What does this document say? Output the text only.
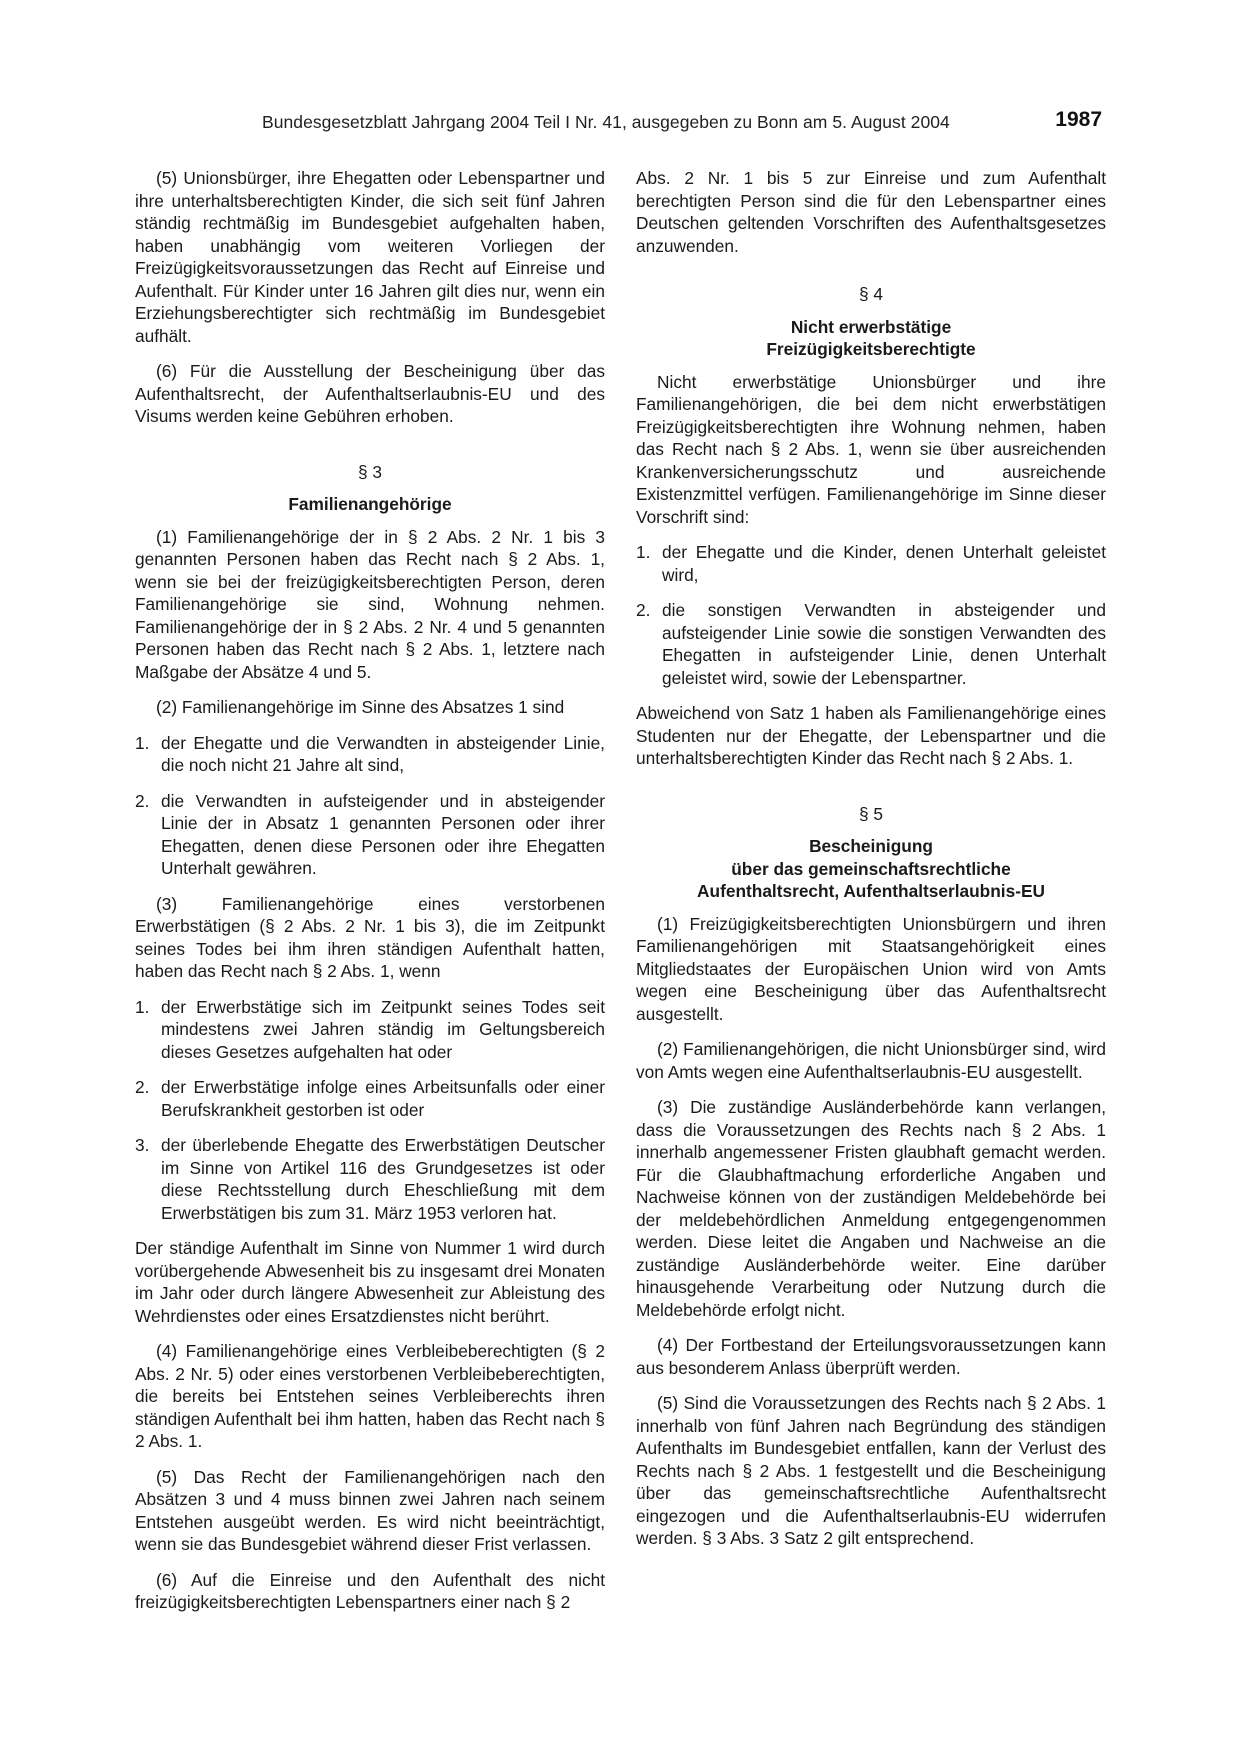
Bundesgesetzblatt Jahrgang 2004 Teil I Nr. 41, ausgegeben zu Bonn am 5. August 2004	1987

(5) Unionsbürger, ihre Ehegatten oder Lebenspartner und ihre unterhaltsberechtigten Kinder, die sich seit fünf Jahren ständig rechtmäßig im Bundesgebiet aufgehalten haben, haben unabhängig vom weiteren Vorliegen der Freizügigkeitsvoraussetzungen das Recht auf Einreise und Aufenthalt. Für Kinder unter 16 Jahren gilt dies nur, wenn ein Erziehungsberechtigter sich rechtmäßig im Bundesgebiet aufhält.

(6) Für die Ausstellung der Bescheinigung über das Aufenthaltsrecht, der Aufenthaltserlaubnis-EU und des Visums werden keine Gebühren erhoben.

§ 3
Familienangehörige

(1) Familienangehörige der in § 2 Abs. 2 Nr. 1 bis 3 genannten Personen haben das Recht nach § 2 Abs. 1, wenn sie bei der freizügigkeitsberechtigten Person, deren Familienangehörige sie sind, Wohnung nehmen. Familienangehörige der in § 2 Abs. 2 Nr. 4 und 5 genannten Personen haben das Recht nach § 2 Abs. 1, letztere nach Maßgabe der Absätze 4 und 5.

(2) Familienangehörige im Sinne des Absatzes 1 sind

1. der Ehegatte und die Verwandten in absteigender Linie, die noch nicht 21 Jahre alt sind,
2. die Verwandten in aufsteigender und in absteigender Linie der in Absatz 1 genannten Personen oder ihrer Ehegatten, denen diese Personen oder ihre Ehegatten Unterhalt gewähren.

(3) Familienangehörige eines verstorbenen Erwerbstätigen (§ 2 Abs. 2 Nr. 1 bis 3), die im Zeitpunkt seines Todes bei ihm ihren ständigen Aufenthalt hatten, haben das Recht nach § 2 Abs. 1, wenn

1. der Erwerbstätige sich im Zeitpunkt seines Todes seit mindestens zwei Jahren ständig im Geltungsbereich dieses Gesetzes aufgehalten hat oder
2. der Erwerbstätige infolge eines Arbeitsunfalls oder einer Berufskrankheit gestorben ist oder
3. der überlebende Ehegatte des Erwerbstätigen Deutscher im Sinne von Artikel 116 des Grundgesetzes ist oder diese Rechtsstellung durch Eheschließung mit dem Erwerbstätigen bis zum 31. März 1953 verloren hat.

Der ständige Aufenthalt im Sinne von Nummer 1 wird durch vorübergehende Abwesenheit bis zu insgesamt drei Monaten im Jahr oder durch längere Abwesenheit zur Ableistung des Wehrdienstes oder eines Ersatzdienstes nicht berührt.

(4) Familienangehörige eines Verbleibeberechtigten (§ 2 Abs. 2 Nr. 5) oder eines verstorbenen Verbleibeberechtigten, die bereits bei Entstehen seines Verbleiberechts ihren ständigen Aufenthalt bei ihm hatten, haben das Recht nach § 2 Abs. 1.

(5) Das Recht der Familienangehörigen nach den Absätzen 3 und 4 muss binnen zwei Jahren nach seinem Entstehen ausgeübt werden. Es wird nicht beeinträchtigt, wenn sie das Bundesgebiet während dieser Frist verlassen.

(6) Auf die Einreise und den Aufenthalt des nicht freizügigkeitsberechtigten Lebenspartners einer nach § 2

Abs. 2 Nr. 1 bis 5 zur Einreise und zum Aufenthalt berechtigten Person sind die für den Lebenspartner eines Deutschen geltenden Vorschriften des Aufenthaltsgesetzes anzuwenden.

§ 4
Nicht erwerbstätige
Freizügigkeitsberechtigte

Nicht erwerbstätige Unionsbürger und ihre Familienangehörigen, die bei dem nicht erwerbstätigen Freizügigkeitsberechtigten ihre Wohnung nehmen, haben das Recht nach § 2 Abs. 1, wenn sie über ausreichenden Krankenversicherungsschutz und ausreichende Existenzmittel verfügen. Familienangehörige im Sinne dieser Vorschrift sind:

1. der Ehegatte und die Kinder, denen Unterhalt geleistet wird,
2. die sonstigen Verwandten in absteigender und aufsteigender Linie sowie die sonstigen Verwandten des Ehegatten in aufsteigender Linie, denen Unterhalt geleistet wird, sowie der Lebenspartner.

Abweichend von Satz 1 haben als Familienangehörige eines Studenten nur der Ehegatte, der Lebenspartner und die unterhaltsberechtigten Kinder das Recht nach § 2 Abs. 1.

§ 5
Bescheinigung
über das gemeinschaftsrechtliche
Aufenthaltsrecht, Aufenthaltserlaubnis-EU

(1) Freizügigkeitsberechtigten Unionsbürgern und ihren Familienangehörigen mit Staatsangehörigkeit eines Mitgliedstaates der Europäischen Union wird von Amts wegen eine Bescheinigung über das Aufenthaltsrecht ausgestellt.

(2) Familienangehörigen, die nicht Unionsbürger sind, wird von Amts wegen eine Aufenthaltserlaubnis-EU ausgestellt.

(3) Die zuständige Ausländerbehörde kann verlangen, dass die Voraussetzungen des Rechts nach § 2 Abs. 1 innerhalb angemessener Fristen glaubhaft gemacht werden. Für die Glaubhaftmachung erforderliche Angaben und Nachweise können von der zuständigen Meldebehörde bei der meldebehördlichen Anmeldung entgegengenommen werden. Diese leitet die Angaben und Nachweise an die zuständige Ausländerbehörde weiter. Eine darüber hinausgehende Verarbeitung oder Nutzung durch die Meldebehörde erfolgt nicht.

(4) Der Fortbestand der Erteilungsvoraussetzungen kann aus besonderem Anlass überprüft werden.

(5) Sind die Voraussetzungen des Rechts nach § 2 Abs. 1 innerhalb von fünf Jahren nach Begründung des ständigen Aufenthalts im Bundesgebiet entfallen, kann der Verlust des Rechts nach § 2 Abs. 1 festgestellt und die Bescheinigung über das gemeinschaftsrechtliche Aufenthaltsrecht eingezogen und die Aufenthaltserlaubnis-EU widerrufen werden. § 3 Abs. 3 Satz 2 gilt entsprechend.
